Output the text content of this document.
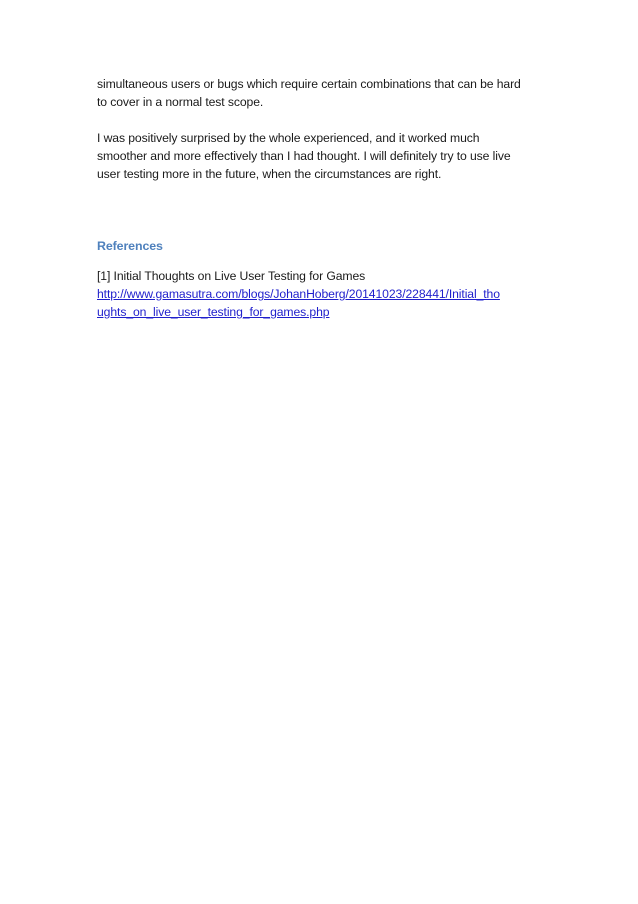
simultaneous users or bugs which require certain combinations that can be hard
to cover in a normal test scope.

I was positively surprised by the whole experienced, and it worked much
smoother and more effectively than I had thought. I will definitely try to use live
user testing more in the future, when the circumstances are right.

References

[1] Initial Thoughts on Live User Testing for Games

http://www.gamasutra.com/blogs/JohanHoberg/20141023/228441/Initial_tho
ughts_on_live_user_testing_for_games.php
